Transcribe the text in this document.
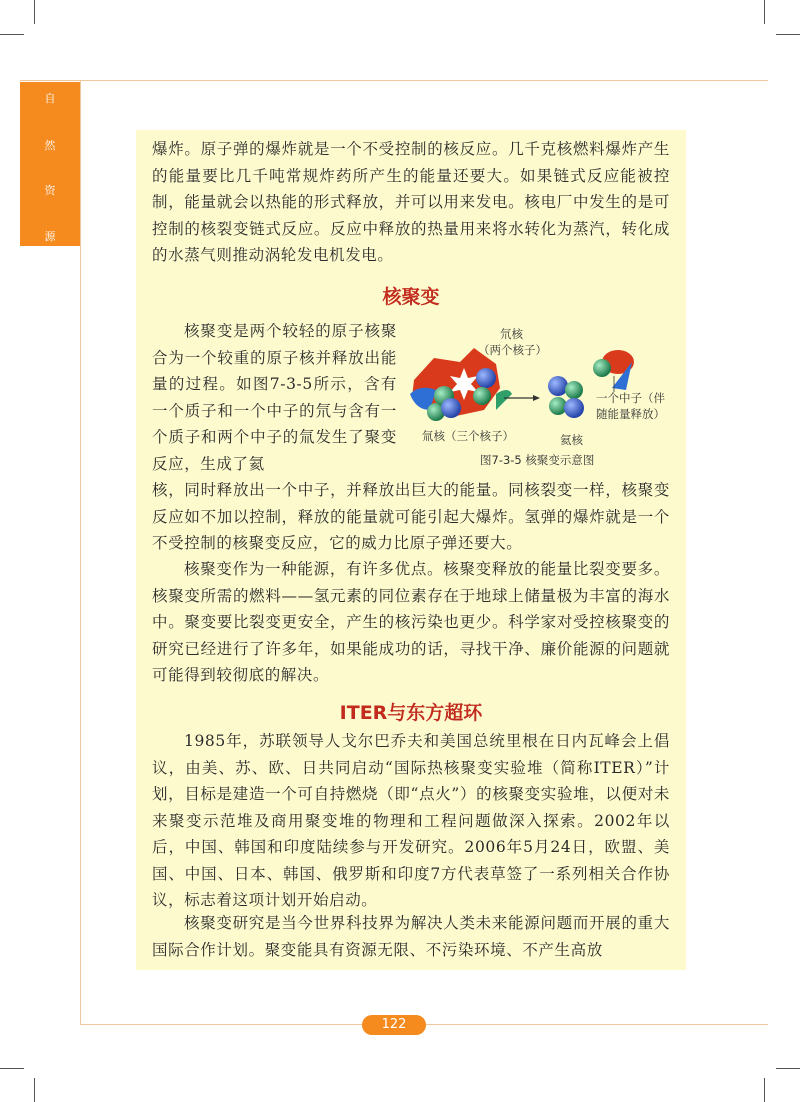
自
然
资
源

爆炸。原子弹的爆炸就是一个不受控制的核反应。几千克核燃料爆炸产生的能量要比几千吨常规炸药所产生的能量还要大。如果链式反应能被控制，能量就会以热能的形式释放，并可以用来发电。核电厂中发生的是可控制的核裂变链式反应。反应中释放的热量用来将水转化为蒸汽，转化成的水蒸气则推动涡轮发电机发电。

核聚变

核聚变是两个较轻的原子核聚合为一个较重的原子核并释放出能量的过程。如图7-3-5所示，含有一个质子和一个中子的氘与含有一个质子和两个中子的氚发生了聚变反应，生成了氦

氘核
（两个核子）
一个中子（伴
随能量释放）
氚核（三个核子）	氦核
图7-3-5 核聚变示意图

核，同时释放出一个中子，并释放出巨大的能量。同核裂变一样，核聚变反应如不加以控制，释放的能量就可能引起大爆炸。氢弹的爆炸就是一个不受控制的核聚变反应，它的威力比原子弹还要大。

核聚变作为一种能源，有许多优点。核聚变释放的能量比裂变要多。核聚变所需的燃料——氢元素的同位素存在于地球上储量极为丰富的海水中。聚变要比裂变更安全，产生的核污染也更少。科学家对受控核聚变的研究已经进行了许多年，如果能成功的话，寻找干净、廉价能源的问题就可能得到较彻底的解决。

ITER与东方超环

1985年，苏联领导人戈尔巴乔夫和美国总统里根在日内瓦峰会上倡议，由美、苏、欧、日共同启动“国际热核聚变实验堆（简称ITER）”计划，目标是建造一个可自持燃烧（即“点火”）的核聚变实验堆，以便对未来聚变示范堆及商用聚变堆的物理和工程问题做深入探索。2002年以后，中国、韩国和印度陆续参与开发研究。2006年5月24日，欧盟、美国、中国、日本、韩国、俄罗斯和印度7方代表草签了一系列相关合作协议，标志着这项计划开始启动。

核聚变研究是当今世界科技界为解决人类未来能源问题而开展的重大国际合作计划。聚变能具有资源无限、不污染环境、不产生高放

122
